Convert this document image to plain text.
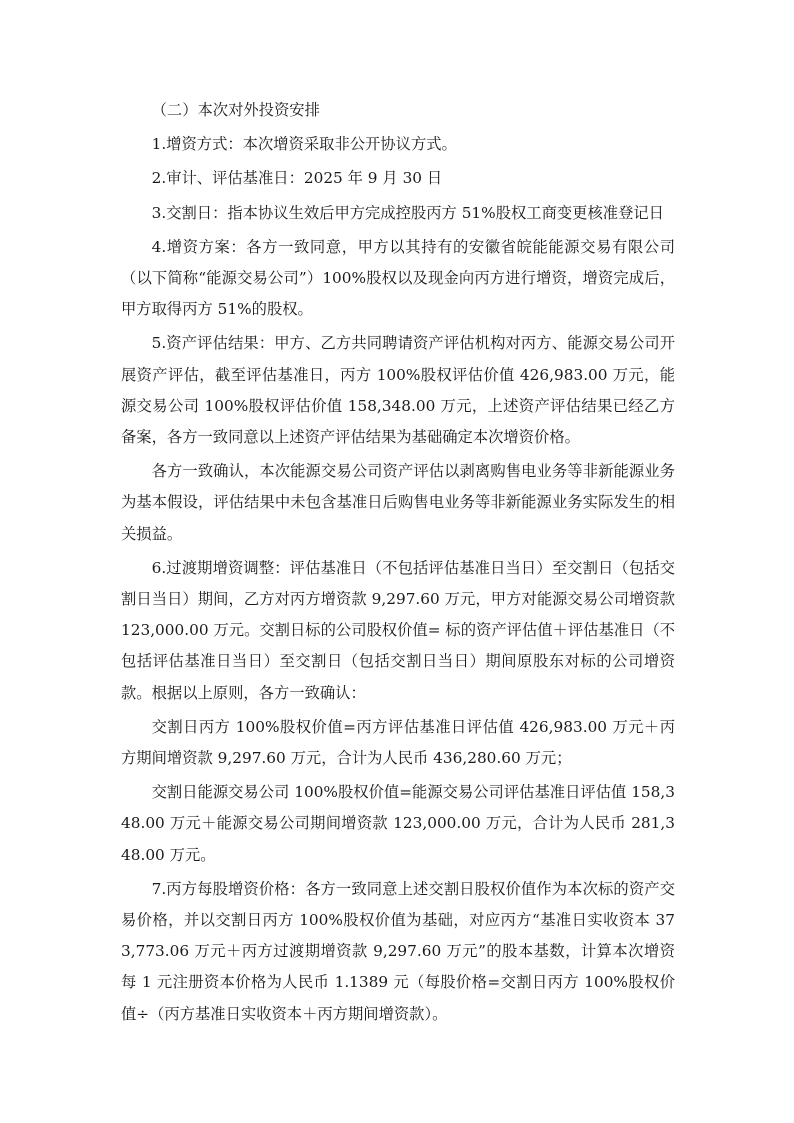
（二）本次对外投资安排

1.增资方式：本次增资采取非公开协议方式。

2.审计、评估基准日：2025 年 9 月 30 日

3.交割日：指本协议生效后甲方完成控股丙方 51%股权工商变更核准登记日

4.增资方案：各方一致同意，甲方以其持有的安徽省皖能能源交易有限公司（以下简称“能源交易公司”）100%股权以及现金向丙方进行增资，增资完成后，甲方取得丙方 51%的股权。

5.资产评估结果：甲方、乙方共同聘请资产评估机构对丙方、能源交易公司开展资产评估，截至评估基准日，丙方 100%股权评估价值 426,983.00 万元，能源交易公司 100%股权评估价值 158,348.00 万元，上述资产评估结果已经乙方备案，各方一致同意以上述资产评估结果为基础确定本次增资价格。

各方一致确认，本次能源交易公司资产评估以剥离购售电业务等非新能源业务为基本假设，评估结果中未包含基准日后购售电业务等非新能源业务实际发生的相关损益。

6.过渡期增资调整：评估基准日（不包括评估基准日当日）至交割日（包括交割日当日）期间，乙方对丙方增资款 9,297.60 万元，甲方对能源交易公司增资款 123,000.00 万元。交割日标的公司股权价值= 标的资产评估值＋评估基准日（不包括评估基准日当日）至交割日（包括交割日当日）期间原股东对标的公司增资款。根据以上原则，各方一致确认：

交割日丙方 100%股权价值=丙方评估基准日评估值 426,983.00 万元＋丙方期间增资款 9,297.60 万元，合计为人民币 436,280.60 万元；

交割日能源交易公司 100%股权价值=能源交易公司评估基准日评估值 158,348.00 万元＋能源交易公司期间增资款 123,000.00 万元，合计为人民币 281,348.00 万元。

7.丙方每股增资价格：各方一致同意上述交割日股权价值作为本次标的资产交易价格，并以交割日丙方 100%股权价值为基础，对应丙方“基准日实收资本 373,773.06 万元＋丙方过渡期增资款 9,297.60 万元”的股本基数，计算本次增资每 1 元注册资本价格为人民币 1.1389 元（每股价格=交割日丙方 100%股权价值÷（丙方基准日实收资本＋丙方期间增资款）。
